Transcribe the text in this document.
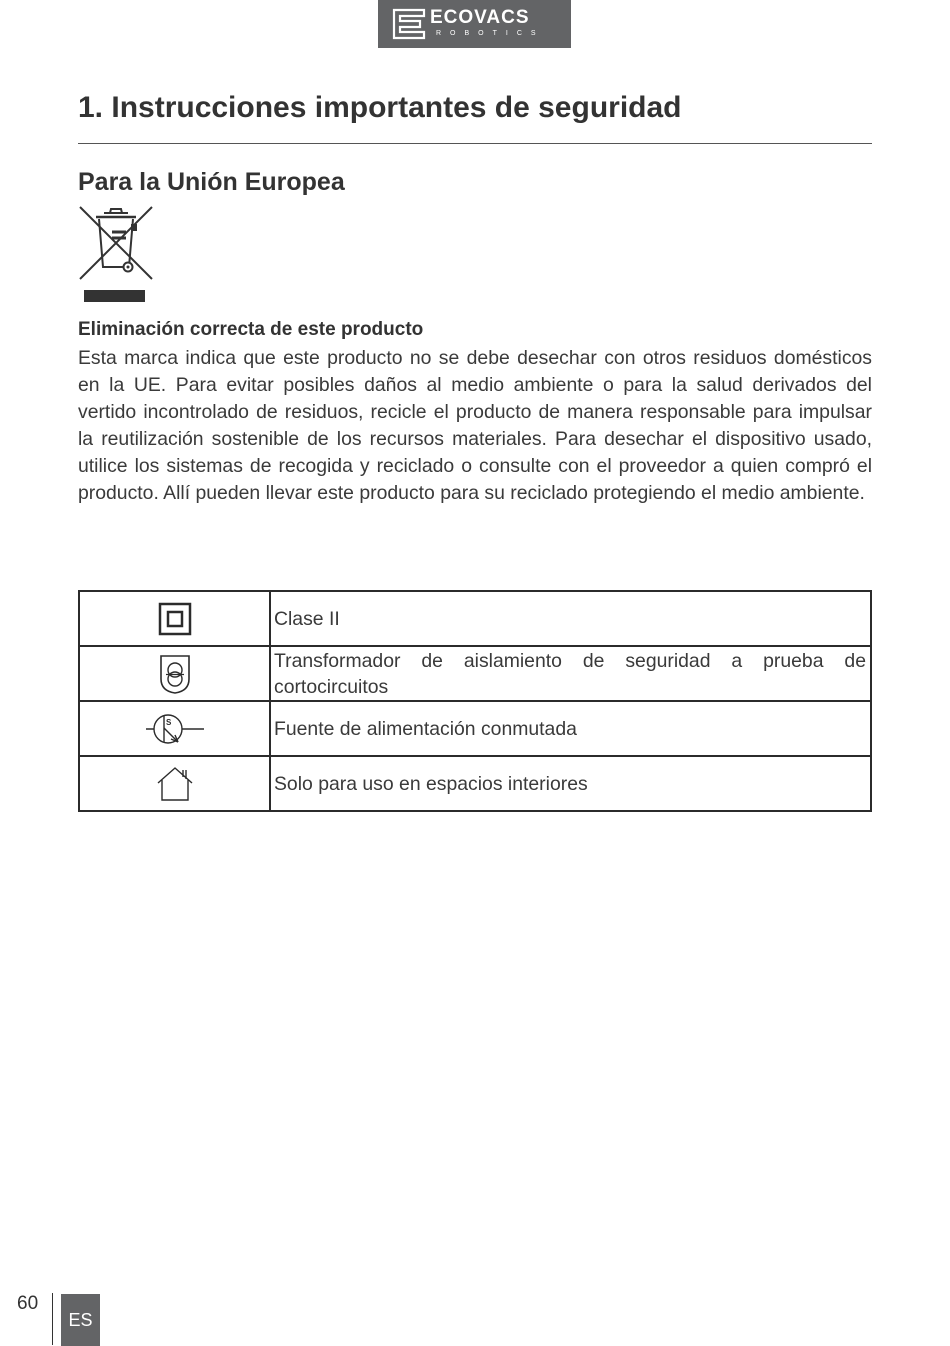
ECOVACS
ROBOTICS
1. Instrucciones importantes de seguridad
Para la Unión Europea

Eliminación correcta de este producto

Esta marca indica que este producto no se debe desechar con otros residuos domésticos en la UE. Para evitar posibles daños al medio ambiente o para la salud derivados del vertido incontrolado de residuos, recicle el producto de manera responsable para impulsar la reutilización sostenible de los recursos materiales. Para desechar el dispositivo usado, utilice los sistemas de recogida y reciclado o consulte con el proveedor a quien compró el producto. Allí pueden llevar este producto para su reciclado protegiendo el medio ambiente.

	Clase II

	Transformador de aislamiento de seguridad a prueba de cortocircuitos

S	Fuente de alimentación conmutada

	Solo para uso en espacios interiores
60
ES
